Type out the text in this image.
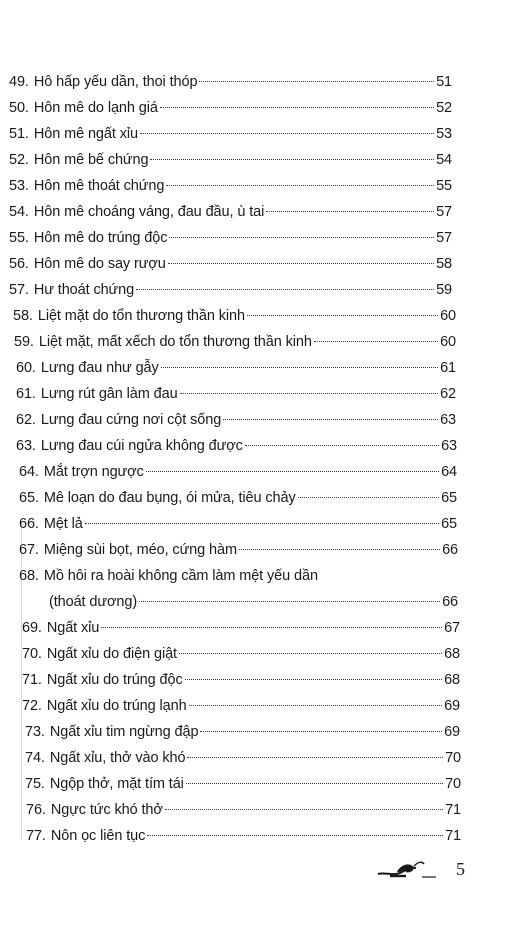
49. Hô hấp yếu dần, thoi thóp	51
50. Hôn mê do lạnh giá	52
51. Hôn mê ngất xỉu	53
52. Hôn mê bế chứng	54
53. Hôn mê thoát chứng	55
54. Hôn mê choáng váng, đau đầu, ù tai	57
55. Hôn mê do trúng độc	57
56. Hôn mê do say rượu	58
57. Hư thoát chứng	59
58. Liệt mặt do tổn thương thần kinh	60
59. Liệt mặt, mất xếch do tổn thương thần kinh	60
60. Lưng đau như gẫy	61
61. Lưng rút gân làm đau	62
62. Lưng đau cứng nơi cột sống	63
63. Lưng đau cúi ngửa không được	63
64. Mắt trợn ngược	64
65. Mê loạn do đau bụng, ói mửa, tiêu chảy	65
66. Mệt lả	65
67. Miệng sùi bọt, méo, cứng hàm	66
68. Mồ hôi ra hoài không cầm làm mệt yếu dần
(thoát dương)	66
69. Ngất xỉu	67
70. Ngất xỉu do điện giật	68
71. Ngất xỉu do trúng độc	68
72. Ngất xỉu do trúng lạnh	69
73. Ngất xỉu tim ngừng đập	69
74. Ngất xỉu, thở vào khó	70
75. Ngộp thở, mặt tím tái	70
76. Ngực tức khó thở	71
77. Nôn ọc liên tục	71
5
